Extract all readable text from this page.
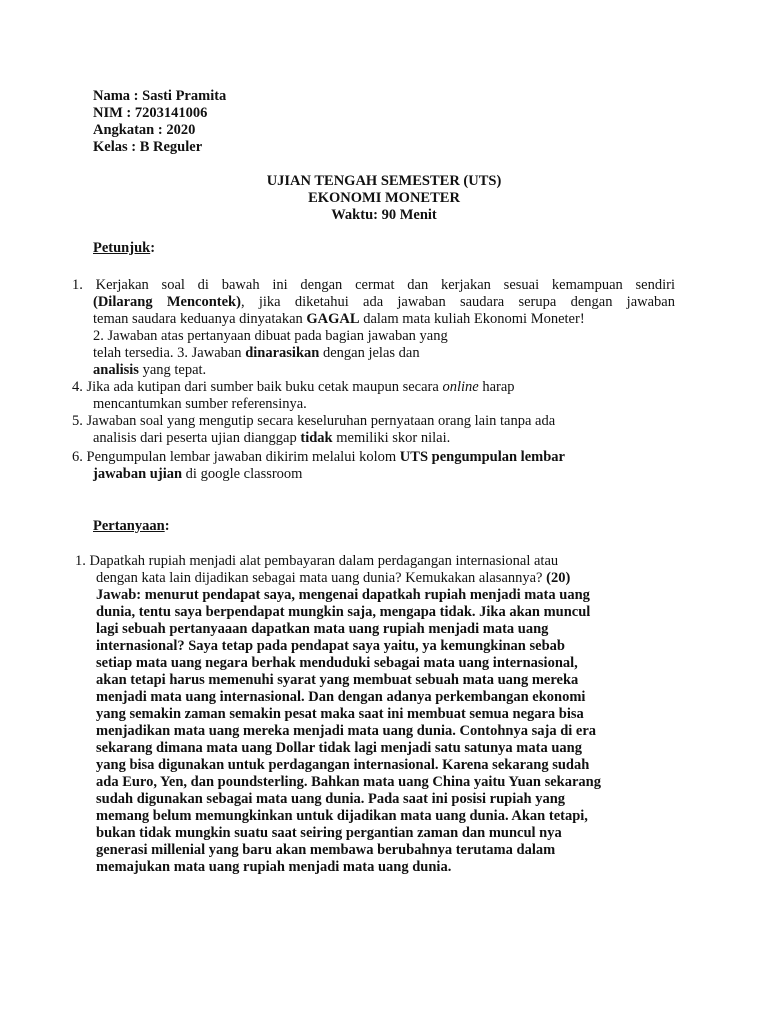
Nama : Sasti Pramita
NIM : 7203141006
Angkatan : 2020
Kelas : B Reguler
UJIAN TENGAH SEMESTER (UTS)
EKONOMI MONETER
Waktu: 90 Menit
Petunjuk:
1. Kerjakan soal di bawah ini dengan cermat dan kerjakan sesuai kemampuan sendiri
(Dilarang Mencontek), jika diketahui ada jawaban saudara serupa dengan jawaban
teman saudara keduanya dinyatakan GAGAL dalam mata kuliah Ekonomi Moneter!
2. Jawaban atas pertanyaan dibuat pada bagian jawaban yang
telah tersedia. 3. Jawaban dinarasikan dengan jelas dan
analisis yang tepat.
4. Jika ada kutipan dari sumber baik buku cetak maupun secara online harap
mencantumkan sumber referensinya.
5. Jawaban soal yang mengutip secara keseluruhan pernyataan orang lain tanpa ada
analisis dari peserta ujian dianggap tidak memiliki skor nilai.
6. Pengumpulan lembar jawaban dikirim melalui kolom UTS pengumpulan lembar
jawaban ujian di google classroom
Pertanyaan:
1. Dapatkah rupiah menjadi alat pembayaran dalam perdagangan internasional atau
dengan kata lain dijadikan sebagai mata uang dunia? Kemukakan alasannya? (20)
Jawab: menurut pendapat saya, mengenai dapatkah rupiah menjadi mata uang
dunia, tentu saya berpendapat mungkin saja, mengapa tidak. Jika akan muncul
lagi sebuah pertanyaaan dapatkan mata uang rupiah menjadi mata uang
internasional? Saya tetap pada pendapat saya yaitu, ya kemungkinan sebab
setiap mata uang negara berhak menduduki sebagai mata uang internasional,
akan tetapi harus memenuhi syarat yang membuat sebuah mata uang mereka
menjadi mata uang internasional. Dan dengan adanya perkembangan ekonomi
yang semakin zaman semakin pesat maka saat ini membuat semua negara bisa
menjadikan mata uang mereka menjadi mata uang dunia. Contohnya saja di era
sekarang dimana mata uang Dollar tidak lagi menjadi satu satunya mata uang
yang bisa digunakan untuk perdagangan internasional. Karena sekarang sudah
ada Euro, Yen, dan poundsterling. Bahkan mata uang China yaitu Yuan sekarang
sudah digunakan sebagai mata uang dunia. Pada saat ini posisi rupiah yang
memang belum memungkinkan untuk dijadikan mata uang dunia. Akan tetapi,
bukan tidak mungkin suatu saat seiring pergantian zaman dan muncul nya
generasi millenial yang baru akan membawa berubahnya terutama dalam
memajukan mata uang rupiah menjadi mata uang dunia.
